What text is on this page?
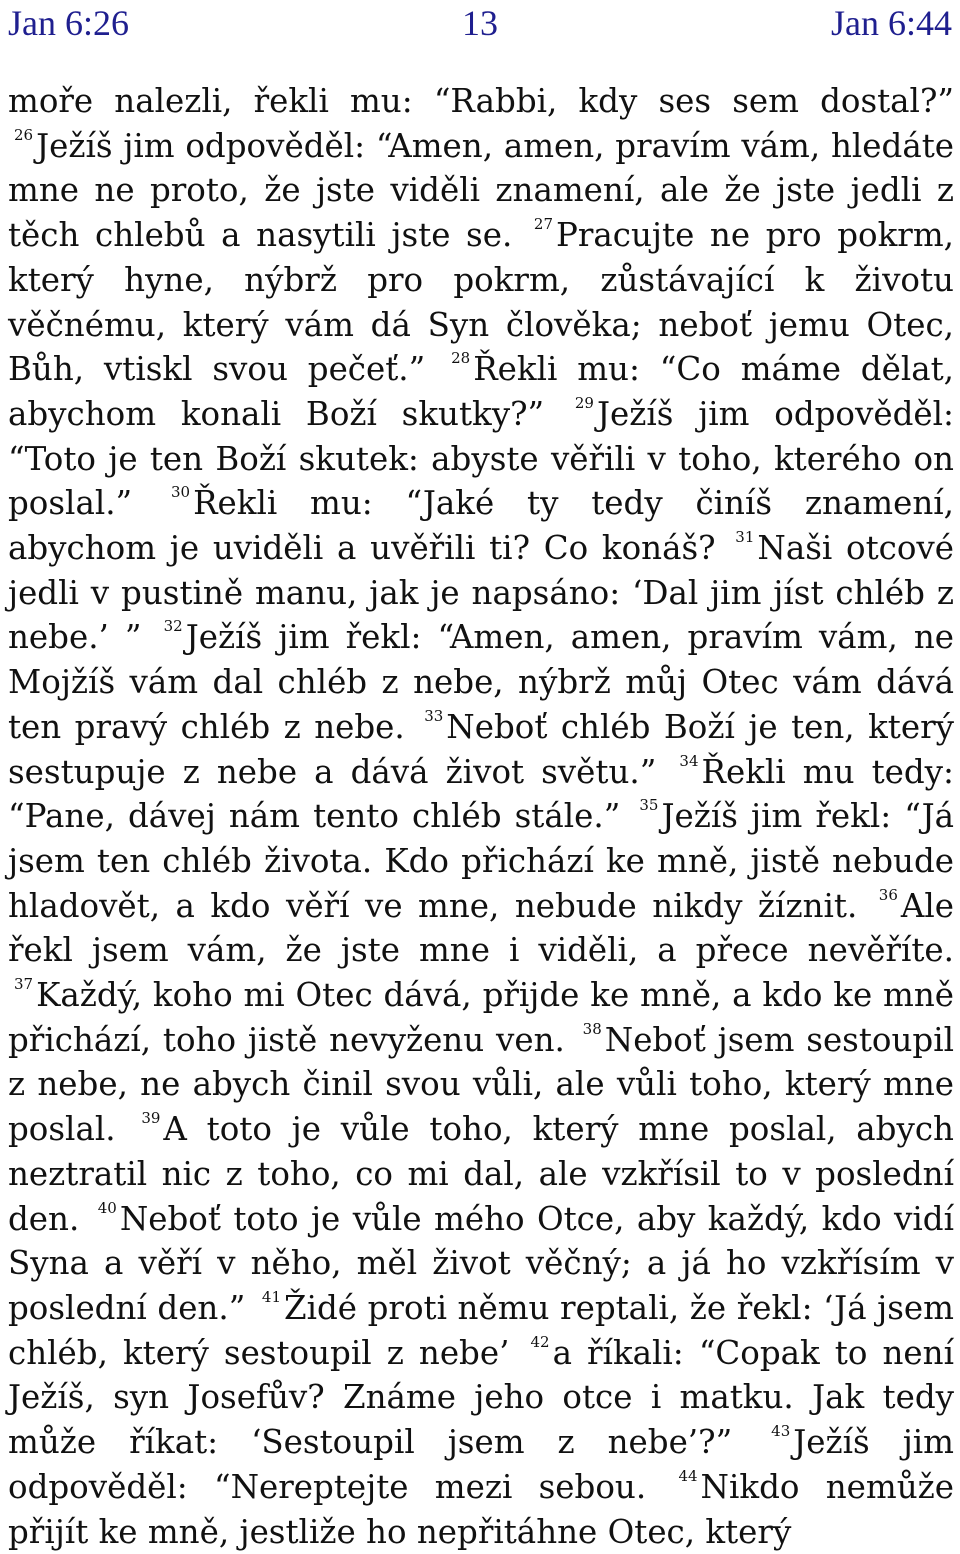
13
Jan 6:26	Jan 6:44
moře nalezli, řekli mu: “Rabbi, kdy ses sem dostal?” $^{26}$Ježíš jim odpověděl: “Amen, amen, pravím vám, hledáte mne ne proto, že jste viděli znamení, ale že jste jedli z těch chlebů a nasytili jste se. $^{27}$Pracujte ne pro pokrm, který hyne, nýbrž pro pokrm, zůstávající k životu věčnému, který vám dá Syn člověka; neboť jemu Otec, Bůh, vtiskl svou pečeť.” $^{28}$Řekli mu: “Co máme dělat, abychom konali Boží skutky?” $^{29}$Ježíš jim odpověděl: “Toto je ten Boží skutek: abyste věřili v toho, kterého on poslal.”	$^{30}$Řekli mu: “Jaké ty tedy činíš znamení, abychom je uviděli a uvěřili ti? Co konáš? $^{31}$Naši otcové jedli v pustině manu, jak je napsáno: ‘Dal jim jíst chléb z nebe.’ ” $^{32}$Ježíš jim řekl: “Amen, amen, pravím vám, ne Mojžíš vám dal chléb z nebe, nýbrž můj Otec vám dává ten pravý chléb z nebe. $^{33}$Neboť chléb Boží je ten, který sestupuje z nebe a dává život světu.” $^{34}$Řekli mu tedy: “Pane, dávej nám tento chléb stále.” $^{35}$Ježíš jim řekl: “Já jsem ten chléb života. Kdo přichází ke mně, jistě nebude hladovět, a kdo věří ve mne, nebude nikdy žíznit. $^{36}$Ale řekl jsem vám, že jste mne i viděli, a přece nevěříte. $^{37}$Každý, koho mi Otec dává, přijde ke mně, a kdo ke mně přichází, toho jistě nevyženu ven. $^{38}$Neboť jsem sestoupil z nebe, ne abych činil svou vůli, ale vůli toho, který mne poslal. $^{39}$A toto je vůle toho, který mne poslal, abych neztratil nic z toho, co mi dal, ale vzkřísil to v poslední den. $^{40}$Neboť toto je vůle mého Otce, aby každý, kdo vidí Syna a věří v něho, měl život věčný; a já ho vzkřísím v poslední den.” $^{41}$Židé proti němu reptali, že řekl: ‘Já jsem chléb, který sestoupil z nebe’ $^{42}$a říkali: “Copak to není Ježíš, syn Josefův? Známe jeho otce i matku. Jak tedy může říkat: ‘Sestoupil jsem z nebe’?”	$^{43}$Ježíš jim odpověděl: “Nereptejte mezi sebou. $^{44}$Nikdo nemůže přijít ke mně, jestliže ho nepřitáhne Otec, který
